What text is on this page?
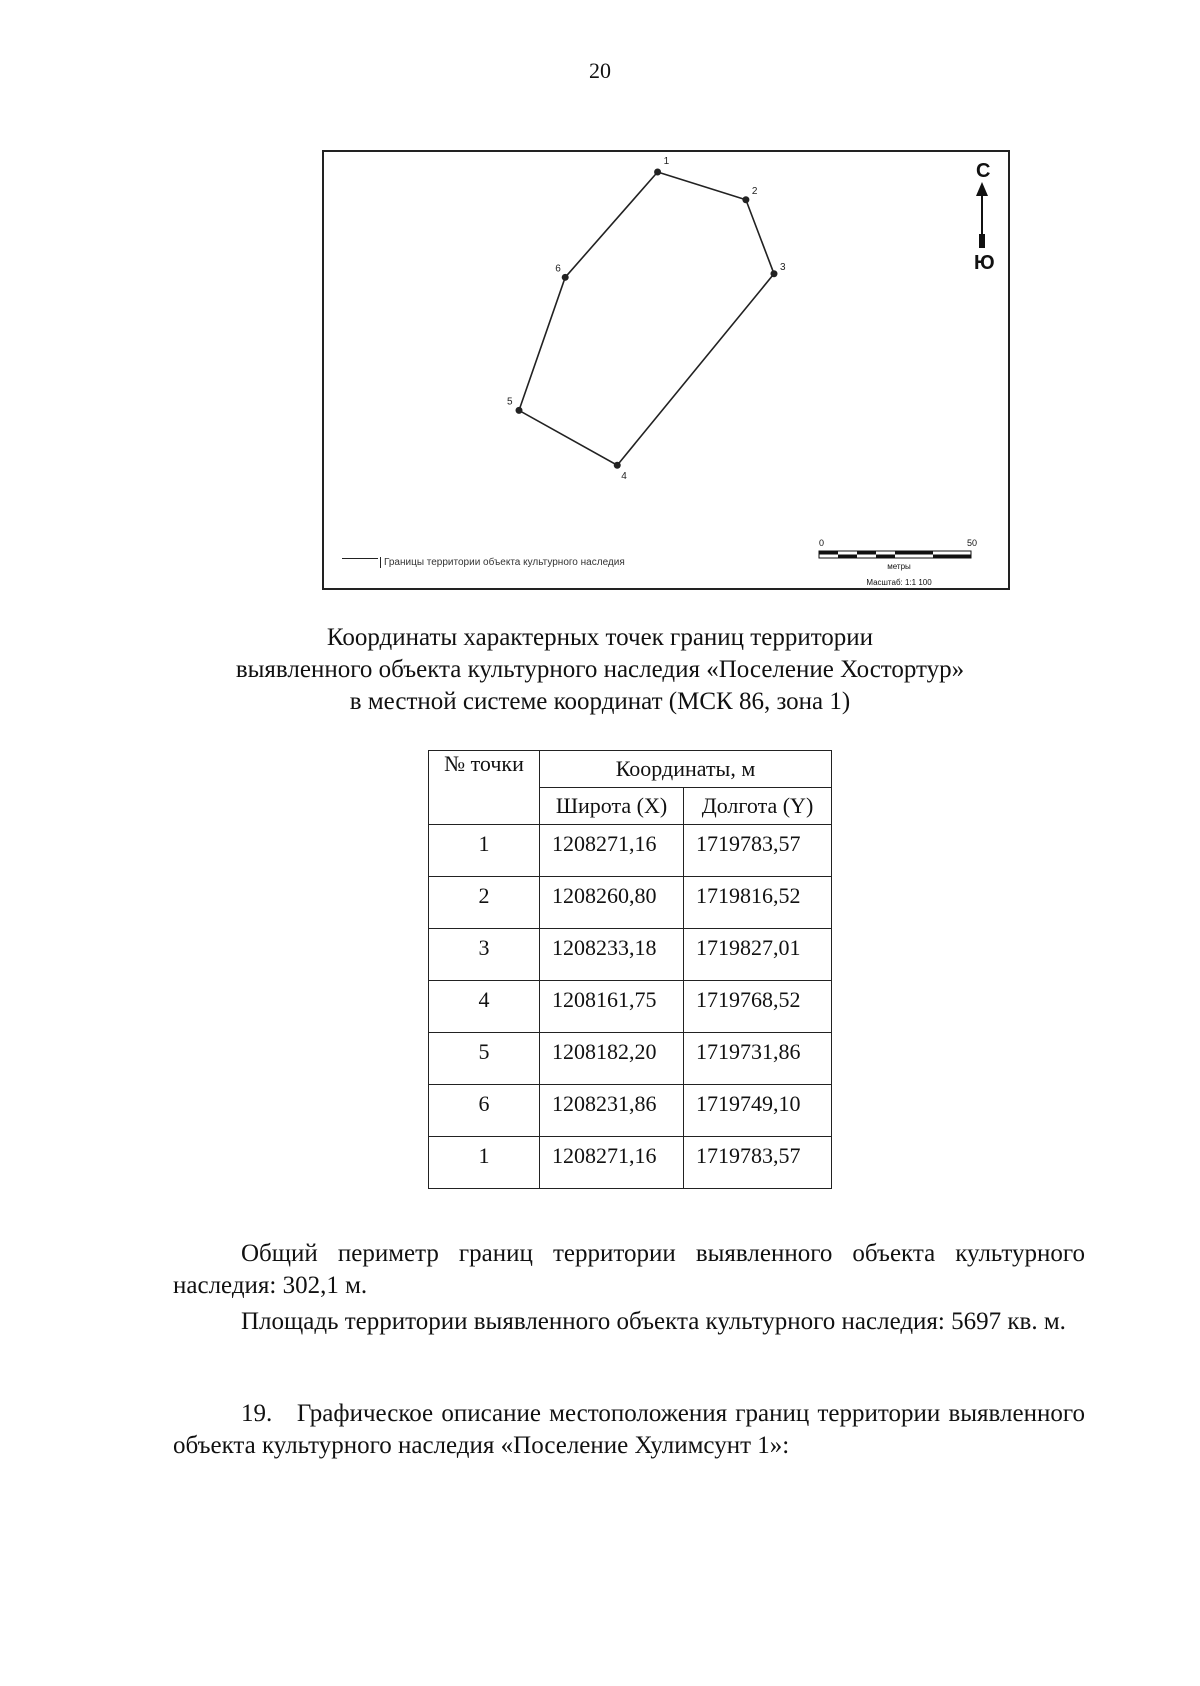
20
1
2
3
4
5
6
С
Ю
0	50
метры
Масштаб: 1:1 100
Границы территории объекта культурного наследия
Координаты характерных точек границ территории
выявленного объекта культурного наследия «Поселение Хостортур»
в местной системе координат (МСК 86, зона 1)
№ точки	Координаты, м	
	Широта (X)	Долгота (Y)
1	1208271,16	1719783,57
2	1208260,80	1719816,52
3	1208233,18	1719827,01
4	1208161,75	1719768,52
5	1208182,20	1719731,86
6	1208231,86	1719749,10
1	1208271,16	1719783,57
Общий периметр границ территории выявленного объекта культурного наследия: 302,1 м.
Площадь территории выявленного объекта культурного наследия: 5697 кв. м.
19. Графическое описание местоположения границ территории выявленного объекта культурного наследия «Поселение Хулимсунт 1»:
